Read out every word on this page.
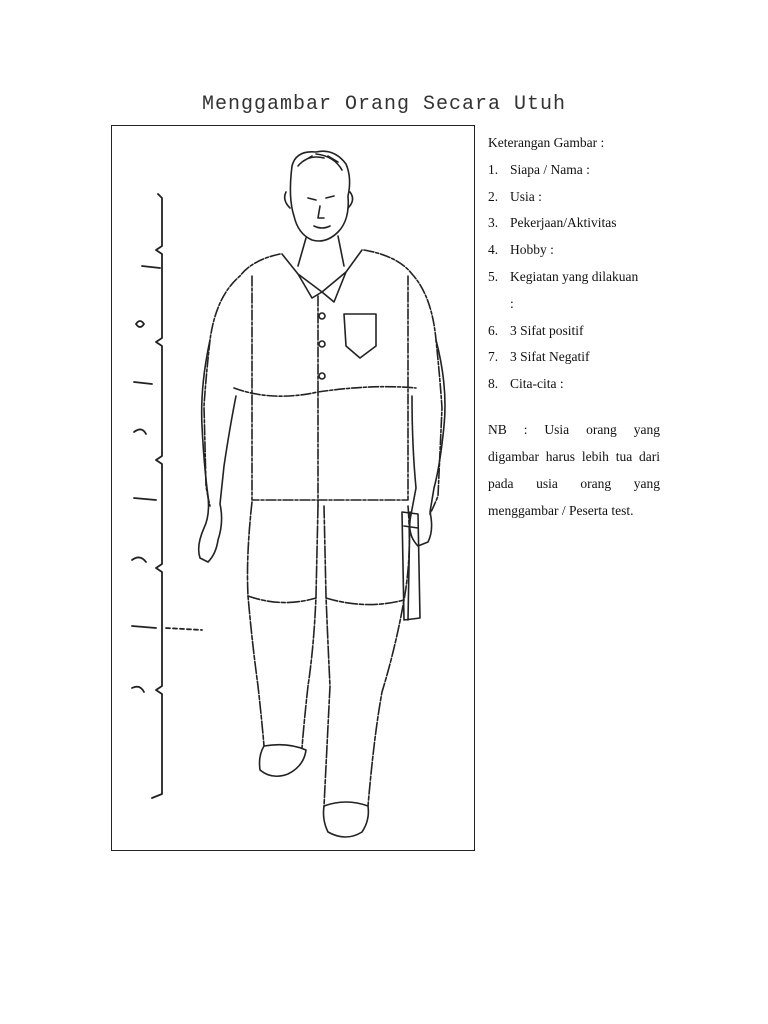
Menggambar Orang Secara Utuh
Keterangan Gambar :
1. Siapa / Nama :
2. Usia :
3. Pekerjaan/Aktivitas
4. Hobby :
5. Kegiatan yang dilakuan
:
6. 3 Sifat positif
7. 3 Sifat Negatif
8. Cita-cita :
NB : Usia orang yang digambar harus lebih tua dari pada usia orang yang menggambar / Peserta test.
